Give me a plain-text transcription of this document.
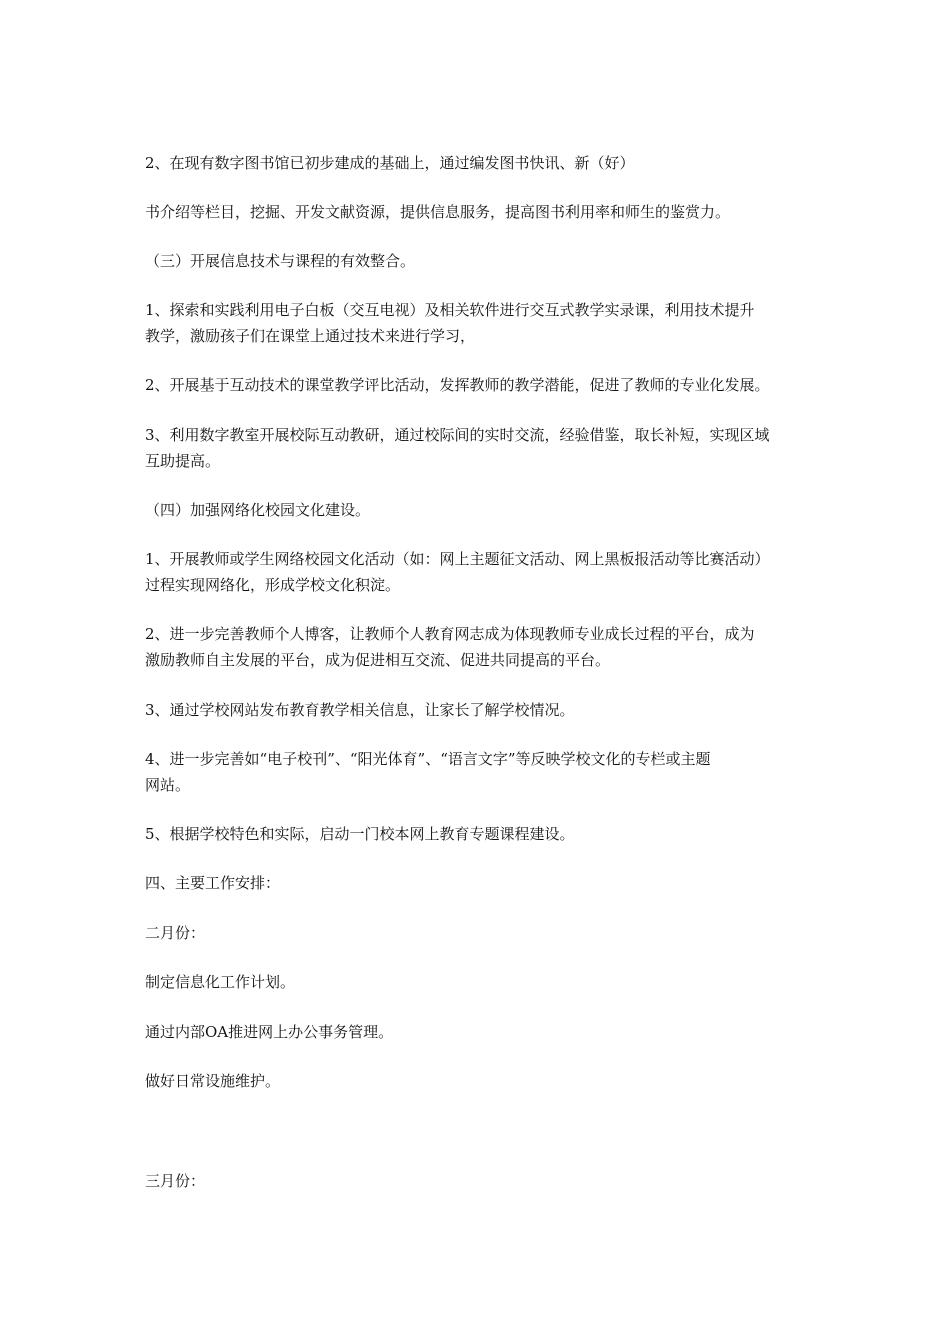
2、在现有数字图书馆已初步建成的基础上，通过编发图书快讯、新（好）

书介绍等栏目，挖掘、开发文献资源，提供信息服务，提高图书利用率和师生的鉴赏力。

（三）开展信息技术与课程的有效整合。

1、探索和实践利用电子白板（交互电视）及相关软件进行交互式教学实录课，利用技术提升
教学，激励孩子们在课堂上通过技术来进行学习，

2、开展基于互动技术的课堂教学评比活动，发挥教师的教学潜能，促进了教师的专业化发展。

3、利用数字教室开展校际互动教研，通过校际间的实时交流，经验借鉴，取长补短，实现区域
互助提高。

（四）加强网络化校园文化建设。

1、开展教师或学生网络校园文化活动（如：网上主题征文活动、网上黑板报活动等比赛活动）
过程实现网络化，形成学校文化积淀。

2、进一步完善教师个人博客，让教师个人教育网志成为体现教师专业成长过程的平台，成为
激励教师自主发展的平台，成为促进相互交流、促进共同提高的平台。

3、通过学校网站发布教育教学相关信息，让家长了解学校情况。

4、进一步完善如“电子校刊”、“阳光体育”、“语言文字”等反映学校文化的专栏或主题
网站。

5、根据学校特色和实际，启动一门校本网上教育专题课程建设。

四、主要工作安排：

二月份：

制定信息化工作计划。

通过内部OA推进网上办公事务管理。

做好日常设施维护。

三月份：
